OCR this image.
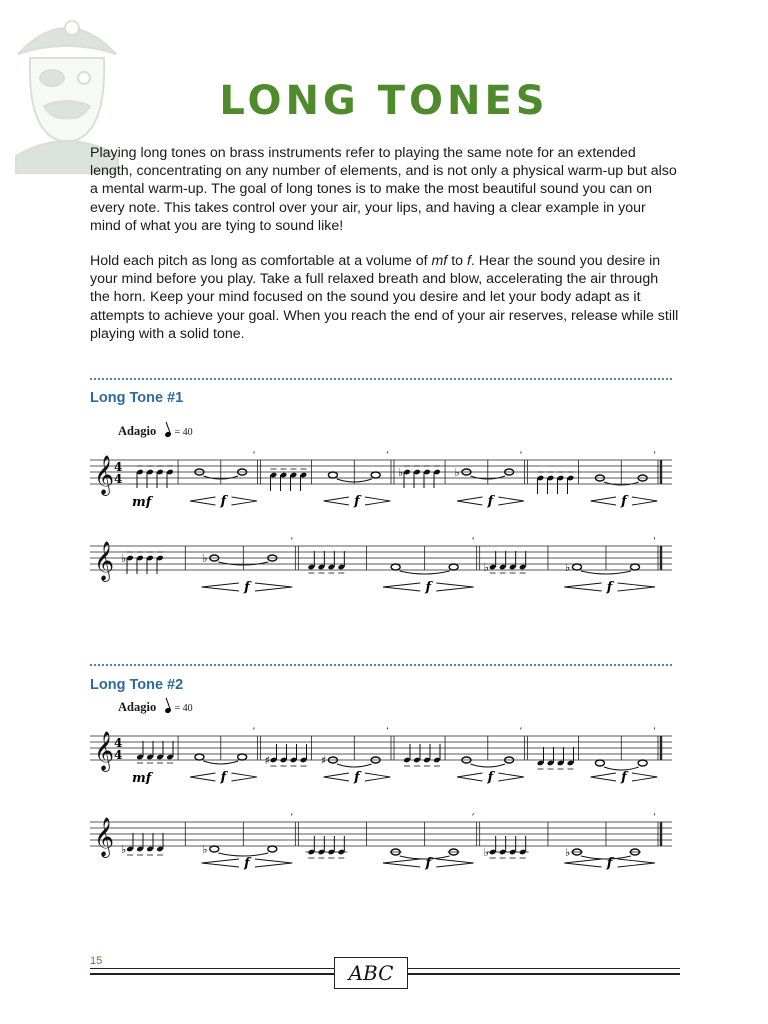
LONG TONES

Playing long tones on brass instruments refer to playing the same note for an extended length, concentrating on any number of elements, and is not only a physical warm-up but also a mental warm-up. The goal of long tones is to make the most beautiful sound you can on every note. This takes control over your air, your lips, and having a clear example in your mind of what you are tying to sound like!

Hold each pitch as long as comfortable at a volume of mf to f. Hear the sound you desire in your mind before you play. Take a full relaxed breath and blow, accelerating the air through the horn. Keep your mind focused on the sound you desire and let your body adapt as it attempts to achieve your goal. When you reach the end of your air reserves, release while still playing with a solid tone.

Long Tone #1
Adagio = 40
𝄞 4
4
mf
’
f
’
f
♭	♭
’
f
’
f
𝄞 ♭	♭
’
f
’
f
♭	♭
’
f
Long Tone #2
Adagio = 40
𝄞 4
4
mf
’
f
♯	♯
’
f
’
f
’
f
𝄞 ♭	♭
’
f
’
f
♭	♭
’
f
15	ABC
